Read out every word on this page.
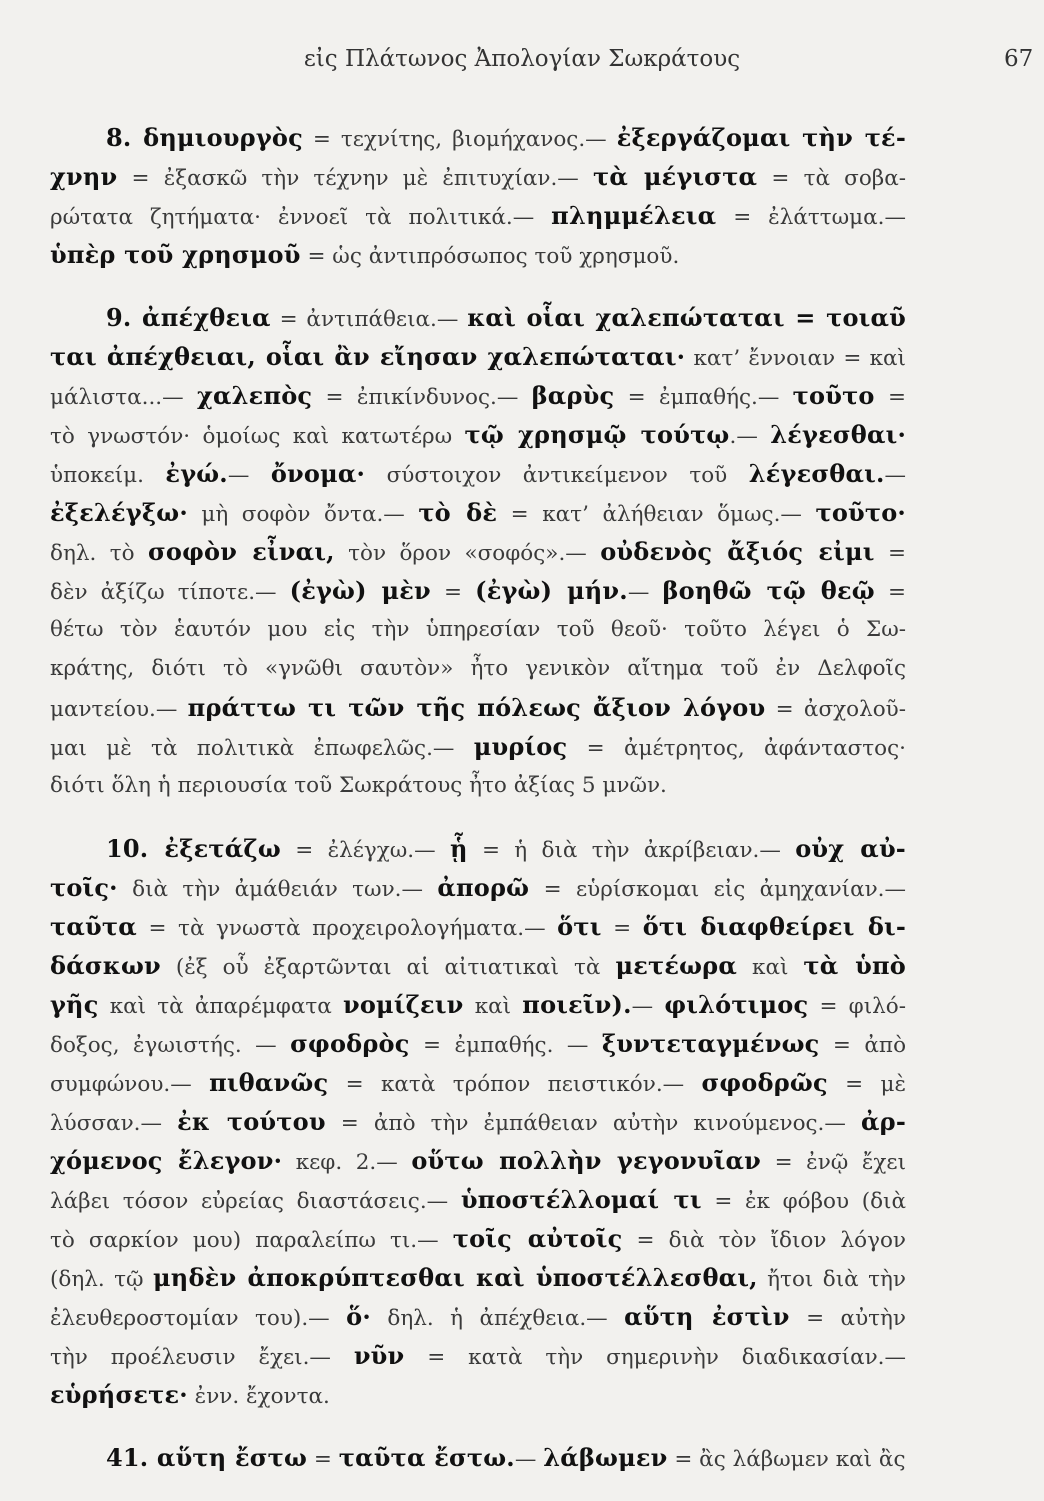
εἰς Πλάτωνος Ἀπολογίαν Σωκράτους	67
8. δημιουργὸς = τεχνίτης, βιομήχανος.— ἐξεργάζομαι τὴν τέ-
χνην = ἐξασκῶ τὴν τέχνην μὲ ἐπιτυχίαν.— τὰ μέγιστα = τὰ σοβα-
ρώτατα ζητήματα· ἐννοεῖ τὰ πολιτικά.— πλημμέλεια = ἐλάττωμα.—
ὑπὲρ τοῦ χρησμοῦ = ὡς ἀντιπρόσωπος τοῦ χρησμοῦ.
9. ἀπέχθεια = ἀντιπάθεια.— καὶ οἷαι χαλεπώταται = τοιαῦ
ται ἀπέχθειαι, οἷαι ἂν εἴησαν χαλεπώταται· κατ’ ἔννοιαν = καὶ
μάλιστα...— χαλεπὸς = ἐπικίνδυνος.— βαρὺς = ἐμπαθής.— τοῦτο =
τὸ γνωστόν· ὁμοίως καὶ κατωτέρω τῷ χρησμῷ τούτῳ.— λέγεσθαι·
ὑποκείμ. ἐγώ.— ὄνομα· σύστοιχον ἀντικείμενον τοῦ λέγεσθαι.—
ἐξελέγξω· μὴ σοφὸν ὄντα.— τὸ δὲ = κατ’ ἀλήθειαν ὅμως.— τοῦτο·
δηλ. τὸ σοφὸν εἶναι, τὸν ὅρον «σοφός».— οὐδενὸς ἄξιός εἰμι =
δὲν ἀξίζω τίποτε.— (ἐγὼ) μὲν = (ἐγὼ) μήν.— βοηθῶ τῷ θεῷ =
θέτω τὸν ἑαυτόν μου εἰς τὴν ὑπηρεσίαν τοῦ θεοῦ· τοῦτο λέγει ὁ Σω-
κράτης, διότι τὸ «γνῶθι σαυτὸν» ἦτο γενικὸν αἴτημα τοῦ ἐν Δελφοῖς
μαντείου.— πράττω τι τῶν τῆς πόλεως ἄξιον λόγου = ἀσχολοῦ-
μαι μὲ τὰ πολιτικὰ ἐπωφελῶς.— μυρίος = ἀμέτρητος, ἀφάνταστος·
διότι ὅλη ἡ περιουσία τοῦ Σωκράτους ἦτο ἀξίας 5 μνῶν.
10. ἐξετάζω = ἐλέγχω.— ᾗ = ἡ διὰ τὴν ἀκρίβειαν.— οὐχ αὐ-
τοῖς· διὰ τὴν ἀμάθειάν των.— ἀπορῶ = εὑρίσκομαι εἰς ἀμηχανίαν.—
ταῦτα = τὰ γνωστὰ προχειρολογήματα.— ὅτι = ὅτι διαφθείρει δι-
δάσκων (ἐξ οὗ ἐξαρτῶνται αἱ αἰτιατικαὶ τὰ μετέωρα καὶ τὰ ὑπὸ
γῆς καὶ τὰ ἀπαρέμφατα νομίζειν καὶ ποιεῖν).— φιλότιμος = φιλό-
δοξος, ἐγωιστής. — σφοδρὸς = ἐμπαθής. — ξυντεταγμένως = ἀπὸ
συμφώνου.— πιθανῶς = κατὰ τρόπον πειστικόν.— σφοδρῶς = μὲ
λύσσαν.— ἐκ τούτου = ἀπὸ τὴν ἐμπάθειαν αὐτὴν κινούμενος.— ἀρ-
χόμενος ἔλεγον· κεφ. 2.— οὕτω πολλὴν γεγονυῖαν = ἐνῷ ἔχει
λάβει τόσον εὐρείας διαστάσεις.— ὑποστέλλομαί τι = ἐκ φόβου (διὰ
τὸ σαρκίον μου) παραλείπω τι.— τοῖς αὐτοῖς = διὰ τὸν ἴδιον λόγον
(δηλ. τῷ μηδὲν ἀποκρύπτεσθαι καὶ ὑποστέλλεσθαι, ἤτοι διὰ τὴν
ἐλευθεροστομίαν του).— ὅ· δηλ. ἡ ἀπέχθεια.— αὕτη ἐστὶν = αὐτὴν
τὴν προέλευσιν ἔχει.— νῦν = κατὰ τὴν σημερινὴν διαδικασίαν.—
εὑρήσετε· ἐνν. ἔχοντα.
41. αὕτη ἔστω = ταῦτα ἔστω.— λάβωμεν = ἂς λάβωμεν καὶ ἂς
